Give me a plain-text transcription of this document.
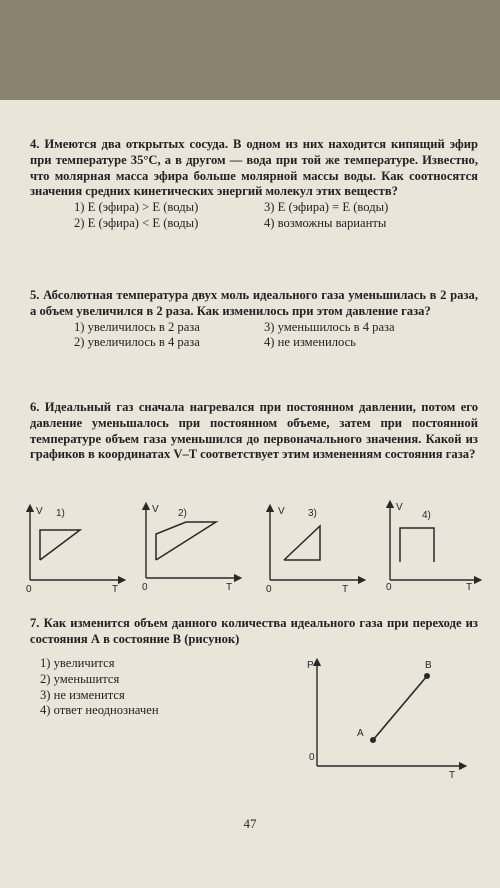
4. Имеются два открытых сосуда. В одном из них находится кипящий эфир при температуре 35°С, а в другом — вода при той же температуре. Известно, что молярная масса эфира больше молярной массы воды. Как соотносятся значения средних кинетических энергий молекул этих веществ?
1) Е (эфира) > Е (воды)	3) Е (эфира) = Е (воды)
2) Е (эфира) < Е (воды)	4) возможны варианты
5. Абсолютная температура двух моль идеального газа уменьшилась в 2 раза, а объем увеличился в 2 раза. Как изменилось при этом давление газа?
1) увеличилось в 2 раза	3) уменьшилось в 4 раза
2) увеличилось в 4 раза	4) не изменилось
6. Идеальный газ сначала нагревался при постоянном давлении, потом его давление уменьшалось при постоянном объеме, затем при постоянной температуре объем газа уменьшился до первоначального значения. Какой из графиков в координатах V–T соответствует этим изменениям состояния газа?
V 1)
0	T
V 2)
0	T
V 3)
0	T
V
4)
0	T
7. Как изменится объем данного количества идеального газа при переходе из состояния А в состояние В (рисунок)
1) увеличится
2) уменьшится
3) не изменится
4) ответ неоднозначен
P	B
A
0
T
47
